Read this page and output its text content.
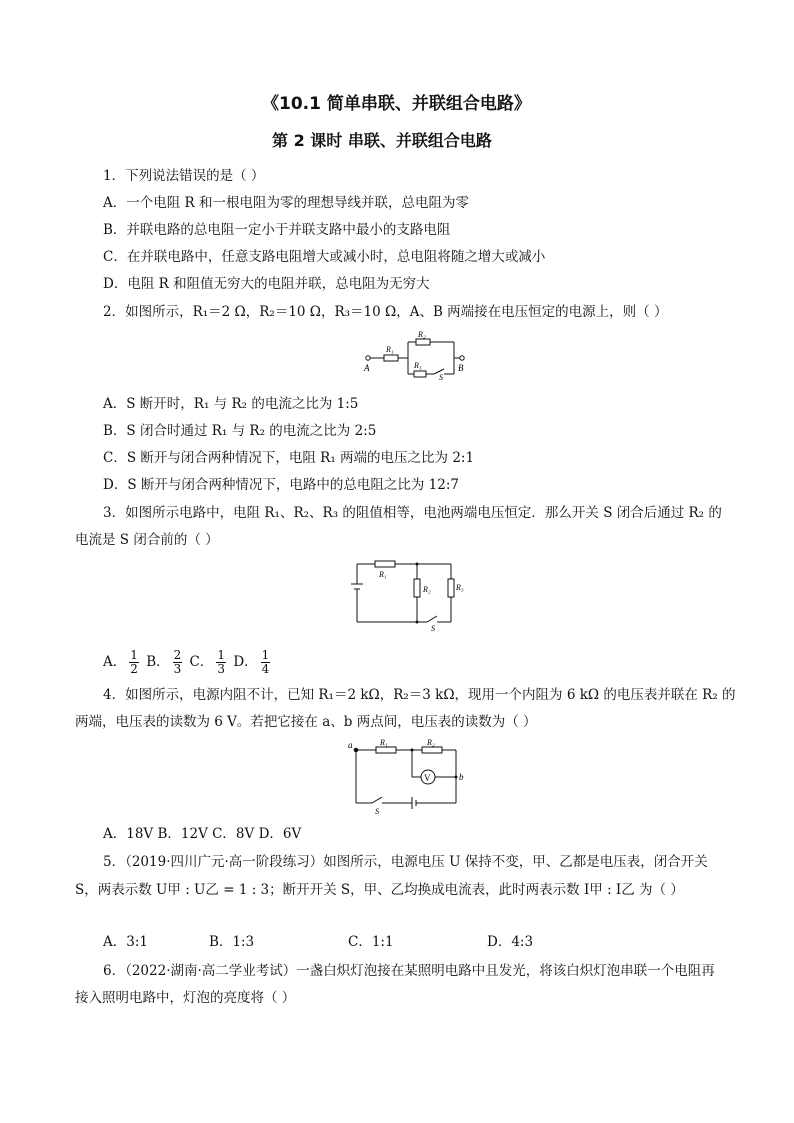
《10.1 简单串联、并联组合电路》
第 2 课时 串联、并联组合电路
1．下列说法错误的是（ ）
A．一个电阻 R 和一根电阻为零的理想导线并联，总电阻为零
B．并联电路的总电阻一定小于并联支路中最小的支路电阻
C．在并联电路中，任意支路电阻增大或减小时，总电阻将随之增大或减小
D．电阻 R 和阻值无穷大的电阻并联，总电阻为无穷大
2．如图所示，R₁＝2 Ω，R₂＝10 Ω，R₃＝10 Ω，A、B 两端接在电压恒定的电源上，则（ ）
A	B
R₁
R₂
R₃
S
A．S 断开时，R₁ 与 R₂ 的电流之比为 1:5
B．S 闭合时通过 R₁ 与 R₂ 的电流之比为 2:5
C．S 断开与闭合两种情况下，电阻 R₁ 两端的电压之比为 2:1
D．S 断开与闭合两种情况下，电路中的总电阻之比为 12:7
3．如图所示电路中，电阻 R₁、R₂、R₃ 的阻值相等，电池两端电压恒定．那么开关 S 闭合后通过 R₂ 的
电流是 S 闭合前的（ ）
R₁
R₂	R₃
S
A． $\frac{1}{2}$ B． $\frac{2}{3}$ C． $\frac{1}{3}$ D． $\frac{1}{4}$
4．如图所示，电源内阻不计，已知 R₁＝2 kΩ，R₂＝3 kΩ，现用一个内阻为 6 kΩ 的电压表并联在 R₂ 的
两端，电压表的读数为 6 V。若把它接在 a、b 两点间，电压表的读数为（ ）
a
b
R₁	R₂
V
S
A．18V B．12V C．8V D．6V
5．（2019·四川广元·高一阶段练习）如图所示，电源电压 U 保持不变，甲、乙都是电压表，闭合开关
S，两表示数 U甲 : U乙 = 1 : 3；断开开关 S，甲、乙均换成电流表，此时两表示数 I甲 : I乙 为（ ）
A．3:1	B．1:3	C．1:1	D．4:3
6．（2022·湖南·高二学业考试）一盏白炽灯泡接在某照明电路中且发光，将该白炽灯泡串联一个电阻再
接入照明电路中，灯泡的亮度将（ ）
